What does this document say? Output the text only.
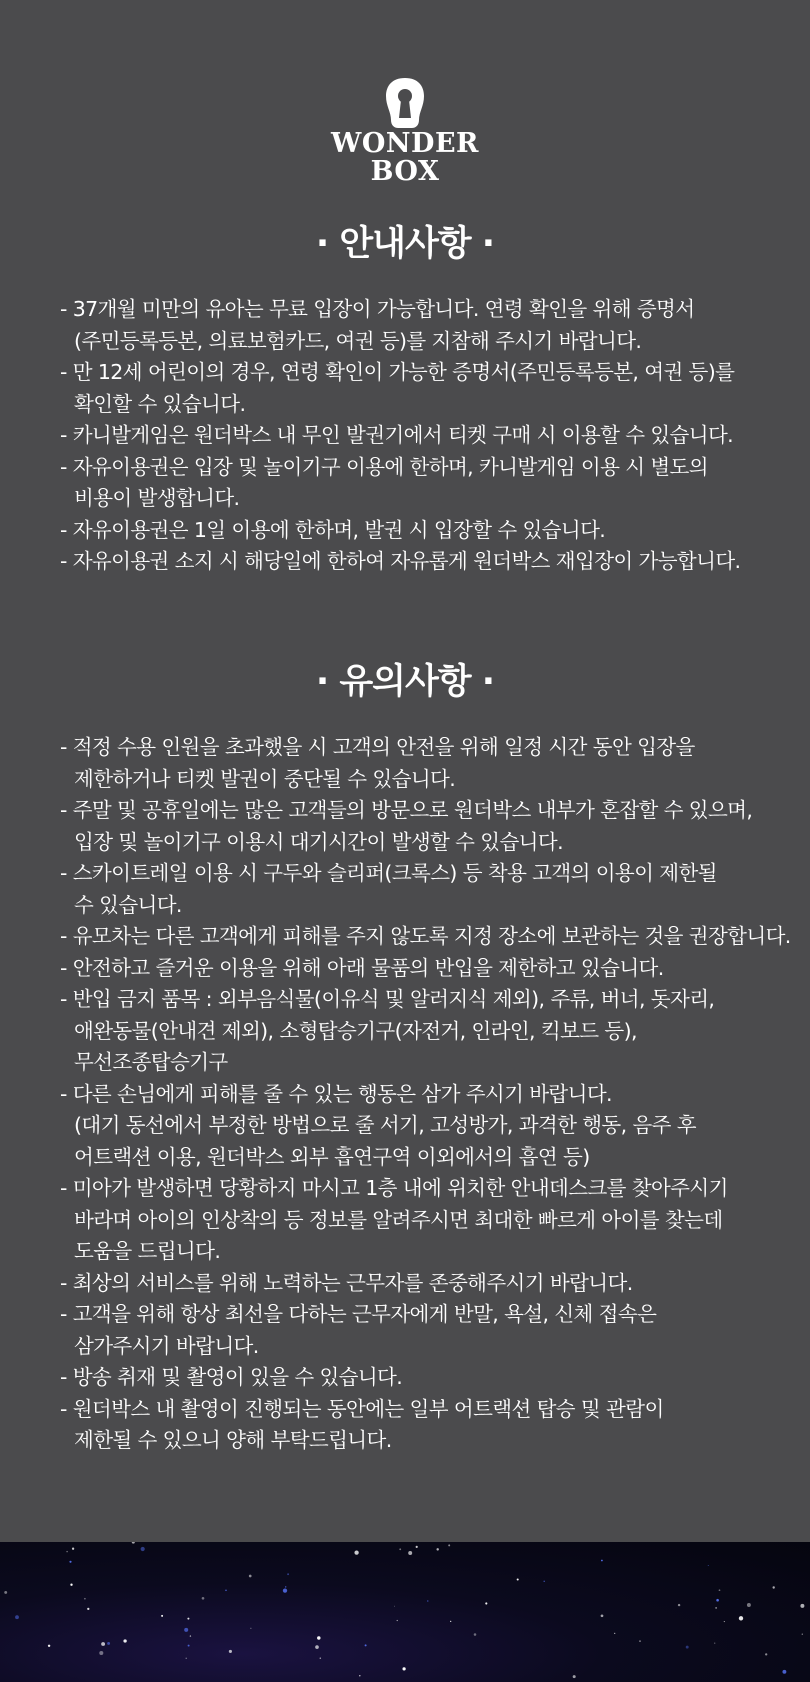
WONDER
BOX
· 안내사항 ·
- 37개월 미만의 유아는 무료 입장이 가능합니다. 연령 확인을 위해 증명서
(주민등록등본, 의료보험카드, 여권 등)를 지참해 주시기 바랍니다.
- 만 12세 어린이의 경우, 연령 확인이 가능한 증명서(주민등록등본, 여권 등)를
확인할 수 있습니다.
- 카니발게임은 원더박스 내 무인 발권기에서 티켓 구매 시 이용할 수 있습니다.
- 자유이용권은 입장 및 놀이기구 이용에 한하며, 카니발게임 이용 시 별도의
비용이 발생합니다.
- 자유이용권은 1일 이용에 한하며, 발권 시 입장할 수 있습니다.
- 자유이용권 소지 시 해당일에 한하여 자유롭게 원더박스 재입장이 가능합니다.
· 유의사항 ·
- 적정 수용 인원을 초과했을 시 고객의 안전을 위해 일정 시간 동안 입장을
제한하거나 티켓 발권이 중단될 수 있습니다.
- 주말 및 공휴일에는 많은 고객들의 방문으로 원더박스 내부가 혼잡할 수 있으며,
입장 및 놀이기구 이용시 대기시간이 발생할 수 있습니다.
- 스카이트레일 이용 시 구두와 슬리퍼(크록스) 등 착용 고객의 이용이 제한될
수 있습니다.
- 유모차는 다른 고객에게 피해를 주지 않도록 지정 장소에 보관하는 것을 권장합니다.
- 안전하고 즐거운 이용을 위해 아래 물품의 반입을 제한하고 있습니다.
- 반입 금지 품목 : 외부음식물(이유식 및 알러지식 제외), 주류, 버너, 돗자리,
애완동물(안내견 제외), 소형탑승기구(자전거, 인라인, 킥보드 등),
무선조종탑승기구
- 다른 손님에게 피해를 줄 수 있는 행동은 삼가 주시기 바랍니다.
(대기 동선에서 부정한 방법으로 줄 서기, 고성방가, 과격한 행동, 음주 후
어트랙션 이용, 원더박스 외부 흡연구역 이외에서의 흡연 등)
- 미아가 발생하면 당황하지 마시고 1층 내에 위치한 안내데스크를 찾아주시기
바라며 아이의 인상착의 등 정보를 알려주시면 최대한 빠르게 아이를 찾는데
도움을 드립니다.
- 최상의 서비스를 위해 노력하는 근무자를 존중해주시기 바랍니다.
- 고객을 위해 항상 최선을 다하는 근무자에게 반말, 욕설, 신체 접속은
삼가주시기 바랍니다.
- 방송 취재 및 촬영이 있을 수 있습니다.
- 원더박스 내 촬영이 진행되는 동안에는 일부 어트랙션 탑승 및 관람이
제한될 수 있으니 양해 부탁드립니다.
